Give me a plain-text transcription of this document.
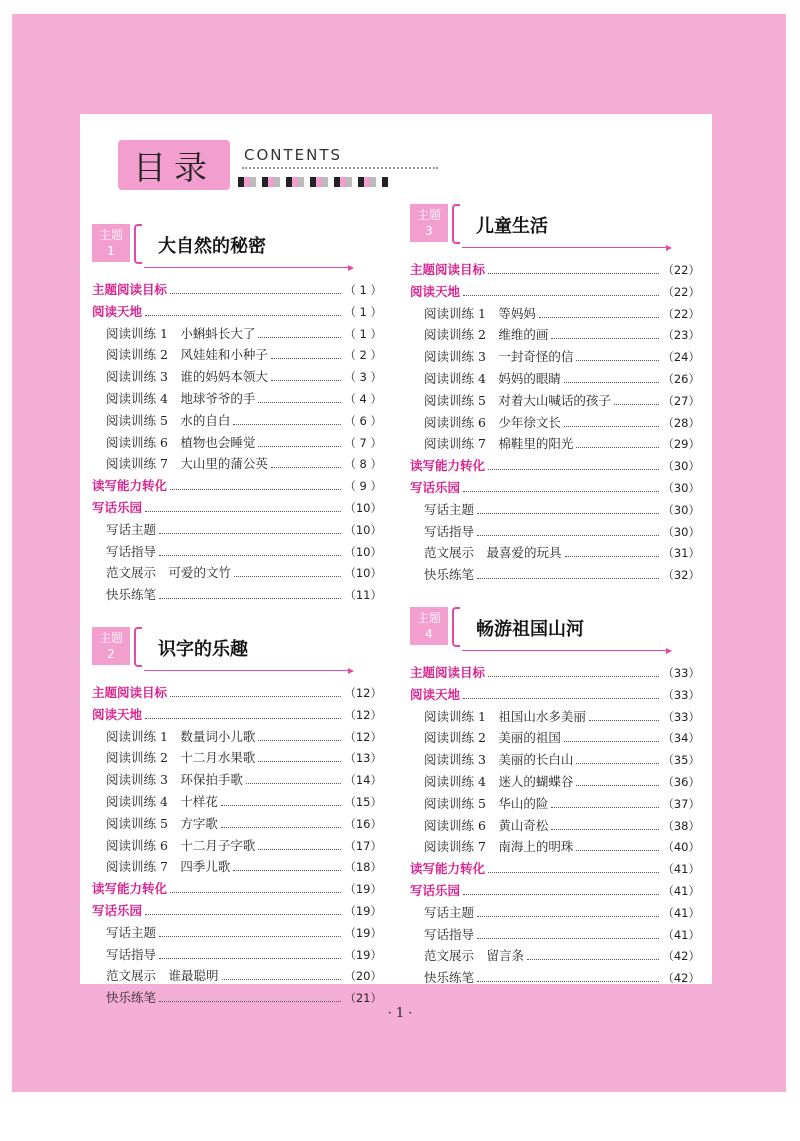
目录	CONTENTS
主题
1	大自然的秘密
主题阅读目标	（ 1 ）
阅读天地	（ 1 ）
阅读训练 1　小蝌蚪长大了	（ 1 ）
阅读训练 2　风娃娃和小种子	（ 2 ）
阅读训练 3　谁的妈妈本领大	（ 3 ）
阅读训练 4　地球爷爷的手	（ 4 ）
阅读训练 5　水的自白	（ 6 ）
阅读训练 6　植物也会睡觉	（ 7 ）
阅读训练 7　大山里的蒲公英	（ 8 ）
读写能力转化	（ 9 ）
写话乐园	（10）
写话主题	（10）
写话指导	（10）
范文展示　可爱的文竹	（10）
快乐练笔	（11）
主题
2	识字的乐趣
主题阅读目标	（12）
阅读天地	（12）
阅读训练 1　数量词小儿歌	（12）
阅读训练 2　十二月水果歌	（13）
阅读训练 3　环保拍手歌	（14）
阅读训练 4　十样花	（15）
阅读训练 5　方字歌	（16）
阅读训练 6　十二月子字歌	（17）
阅读训练 7　四季儿歌	（18）
读写能力转化	（19）
写话乐园	（19）
写话主题	（19）
写话指导	（19）
范文展示　谁最聪明	（20）
快乐练笔	（21）
主题
3	儿童生活
主题阅读目标	（22）
阅读天地	（22）
阅读训练 1　等妈妈	（22）
阅读训练 2　维维的画	（23）
阅读训练 3　一封奇怪的信	（24）
阅读训练 4　妈妈的眼睛	（26）
阅读训练 5　对着大山喊话的孩子	（27）
阅读训练 6　少年徐文长	（28）
阅读训练 7　棉鞋里的阳光	（29）
读写能力转化	（30）
写话乐园	（30）
写话主题	（30）
写话指导	（30）
范文展示　最喜爱的玩具	（31）
快乐练笔	（32）
主题
4	畅游祖国山河
主题阅读目标	（33）
阅读天地	（33）
阅读训练 1　祖国山水多美丽	（33）
阅读训练 2　美丽的祖国	（34）
阅读训练 3　美丽的长白山	（35）
阅读训练 4　迷人的蝴蝶谷	（36）
阅读训练 5　华山的险	（37）
阅读训练 6　黄山奇松	（38）
阅读训练 7　南海上的明珠	（40）
读写能力转化	（41）
写话乐园	（41）
写话主题	（41）
写话指导	（41）
范文展示　留言条	（42）
快乐练笔	（42）
· 1 ·
